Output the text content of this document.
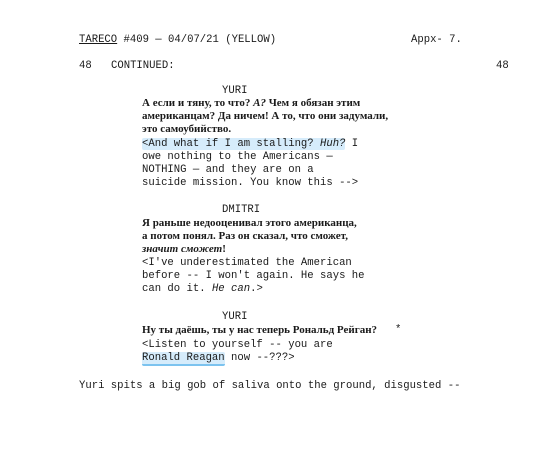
TARECO #409 — 04/07/21 (YELLOW)	Appx- 7.
48 CONTINUED:	48
YURI
А если и тяну, то что? А? Чем я обязан этим
американцам? Да ничем! А то, что они задумали,
это самоубийство.
<And what if I am stalling? Huh? I
owe nothing to the Americans —
NOTHING — and they are on a
suicide mission. You know this -->
DMITRI
Я раньше недооценивал этого американца,
а потом понял. Раз он сказал, что сможет,
значит сможет!
<I've underestimated the American
before -- I won't again. He says he
can do it. He can.>
YURI
Ну ты даёшь, ты у нас теперь Рональд Рейган? *
<Listen to yourself -- you are
Ronald Reagan now --???>
Yuri spits a big gob of saliva onto the ground, disgusted --
